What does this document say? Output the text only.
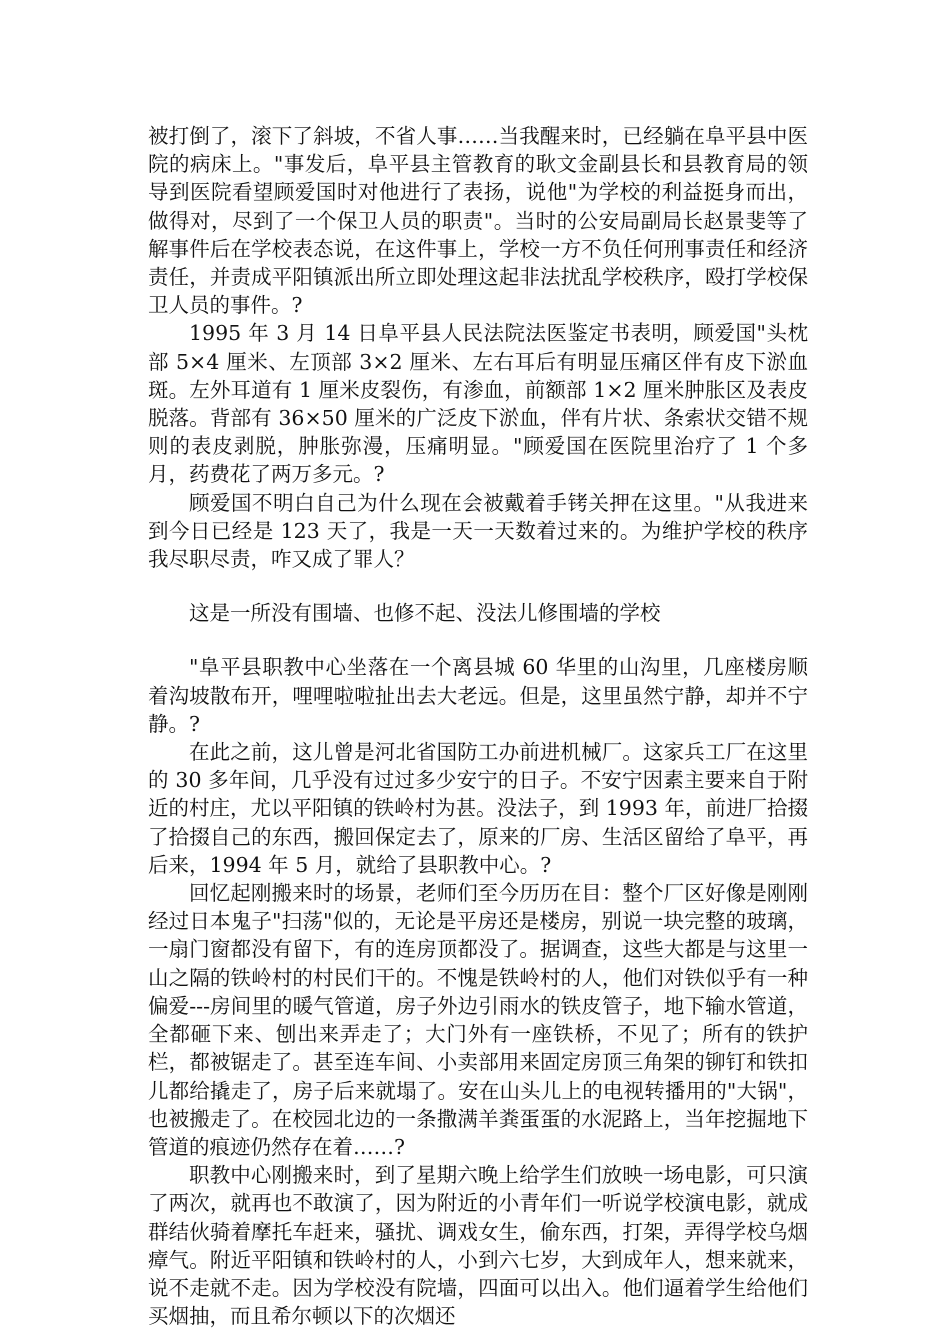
被打倒了，滚下了斜坡，不省人事……当我醒来时，已经躺在阜平县中医院的病床上。"事发后，阜平县主管教育的耿文金副县长和县教育局的领导到医院看望顾爱国时对他进行了表扬，说他"为学校的利益挺身而出，做得对，尽到了一个保卫人员的职责"。当时的公安局副局长赵景斐等了解事件后在学校表态说，在这件事上，学校一方不负任何刑事责任和经济责任，并责成平阳镇派出所立即处理这起非法扰乱学校秩序，殴打学校保卫人员的事件。?

1995 年 3 月 14 日阜平县人民法院法医鉴定书表明，顾爱国"头枕部 5×4 厘米、左顶部 3×2 厘米、左右耳后有明显压痛区伴有皮下淤血斑。左外耳道有 1 厘米皮裂伤，有渗血，前额部 1×2 厘米肿胀区及表皮脱落。背部有 36×50 厘米的广泛皮下淤血，伴有片状、条索状交错不规则的表皮剥脱，肿胀弥漫，压痛明显。"顾爱国在医院里治疗了 1 个多月，药费花了两万多元。?

顾爱国不明白自己为什么现在会被戴着手铐关押在这里。"从我进来到今日已经是 123 天了，我是一天一天数着过来的。为维护学校的秩序我尽职尽责，咋又成了罪人？

这是一所没有围墙、也修不起、没法儿修围墙的学校

"阜平县职教中心坐落在一个离县城 60 华里的山沟里，几座楼房顺着沟坡散布开，哩哩啦啦扯出去大老远。但是，这里虽然宁静，却并不宁静。?

在此之前，这儿曾是河北省国防工办前进机械厂。这家兵工厂在这里的 30 多年间，几乎没有过过多少安宁的日子。不安宁因素主要来自于附近的村庄，尤以平阳镇的铁岭村为甚。没法子，到 1993 年，前进厂拾掇了拾掇自己的东西，搬回保定去了，原来的厂房、生活区留给了阜平，再后来，1994 年 5 月，就给了县职教中心。?

回忆起刚搬来时的场景，老师们至今历历在目：整个厂区好像是刚刚经过日本鬼子"扫荡"似的，无论是平房还是楼房，别说一块完整的玻璃，一扇门窗都没有留下，有的连房顶都没了。据调查，这些大都是与这里一山之隔的铁岭村的村民们干的。不愧是铁岭村的人，他们对铁似乎有一种偏爱---房间里的暖气管道，房子外边引雨水的铁皮管子，地下输水管道，全都砸下来、刨出来弄走了；大门外有一座铁桥，不见了；所有的铁护栏，都被锯走了。甚至连车间、小卖部用来固定房顶三角架的铆钉和铁扣儿都给撬走了，房子后来就塌了。安在山头儿上的电视转播用的"大锅"，也被搬走了。在校园北边的一条撒满羊粪蛋蛋的水泥路上，当年挖掘地下管道的痕迹仍然存在着……?

职教中心刚搬来时，到了星期六晚上给学生们放映一场电影，可只演了两次，就再也不敢演了，因为附近的小青年们一听说学校演电影，就成群结伙骑着摩托车赶来，骚扰、调戏女生，偷东西，打架，弄得学校乌烟瘴气。附近平阳镇和铁岭村的人，小到六七岁，大到成年人，想来就来，说不走就不走。因为学校没有院墙，四面可以出入。他们逼着学生给他们买烟抽，而且希尔顿以下的次烟还
